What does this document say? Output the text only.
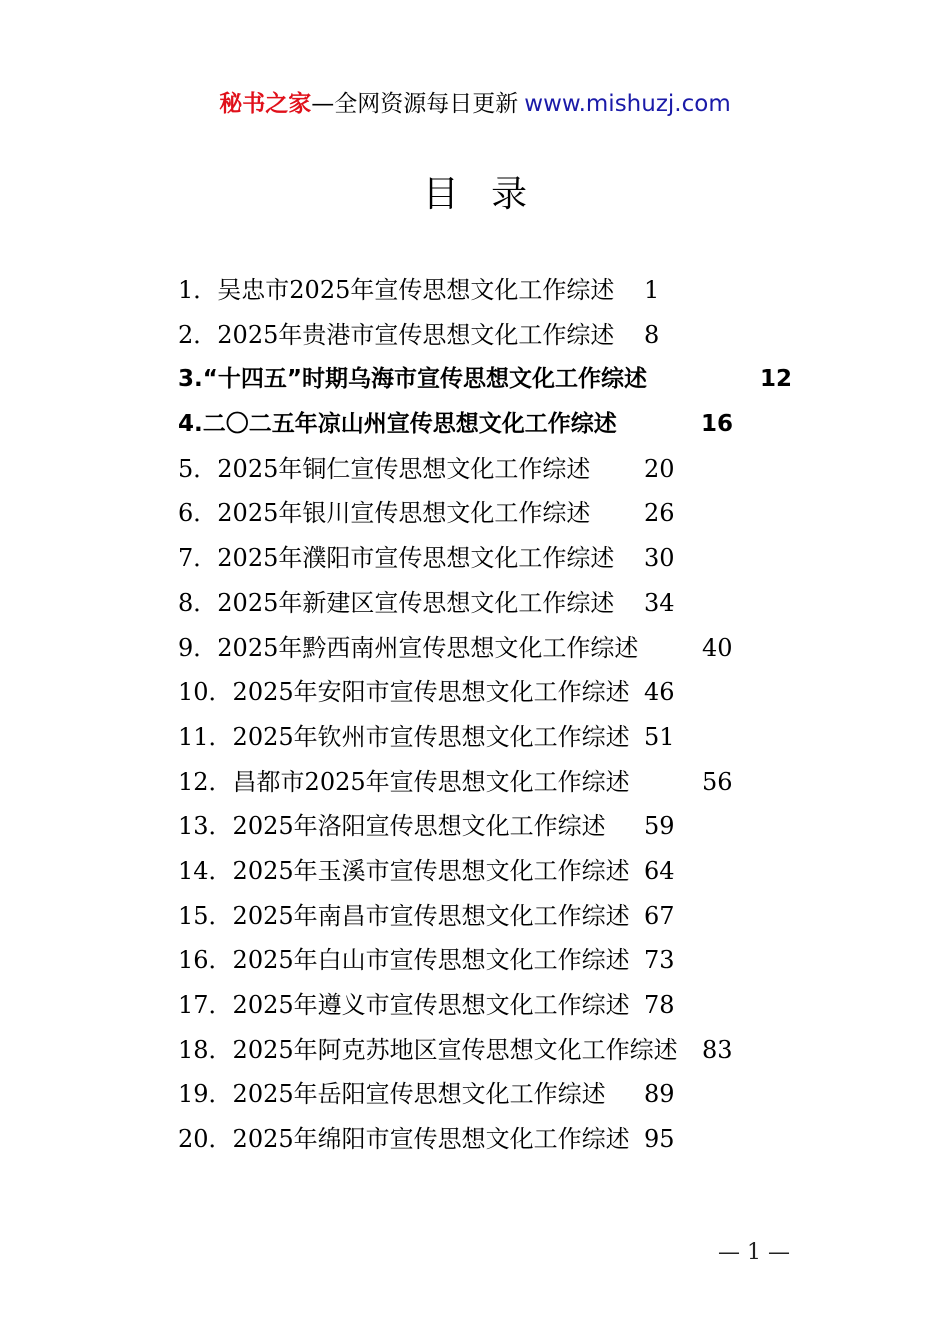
秘书之家—全网资源每日更新 www.mishuzj.com
目录
1．吴忠市2025年宣传思想文化工作综述 1
2．2025年贵港市宣传思想文化工作综述 8
3.“十四五”时期乌海市宣传思想文化工作综述	12
4.二〇二五年凉山州宣传思想文化工作综述	16
5．2025年铜仁宣传思想文化工作综述 20
6．2025年银川宣传思想文化工作综述 26
7．2025年濮阳市宣传思想文化工作综述 30
8．2025年新建区宣传思想文化工作综述 34
9．2025年黔西南州宣传思想文化工作综述	40
10．2025年安阳市宣传思想文化工作综述 46
11．2025年钦州市宣传思想文化工作综述 51
12．昌都市2025年宣传思想文化工作综述	56
13．2025年洛阳宣传思想文化工作综述 59
14．2025年玉溪市宣传思想文化工作综述 64
15．2025年南昌市宣传思想文化工作综述 67
16．2025年白山市宣传思想文化工作综述 73
17．2025年遵义市宣传思想文化工作综述 78
18．2025年阿克苏地区宣传思想文化工作综述 83
19．2025年岳阳宣传思想文化工作综述 89
20．2025年绵阳市宣传思想文化工作综述 95
— 1 —
